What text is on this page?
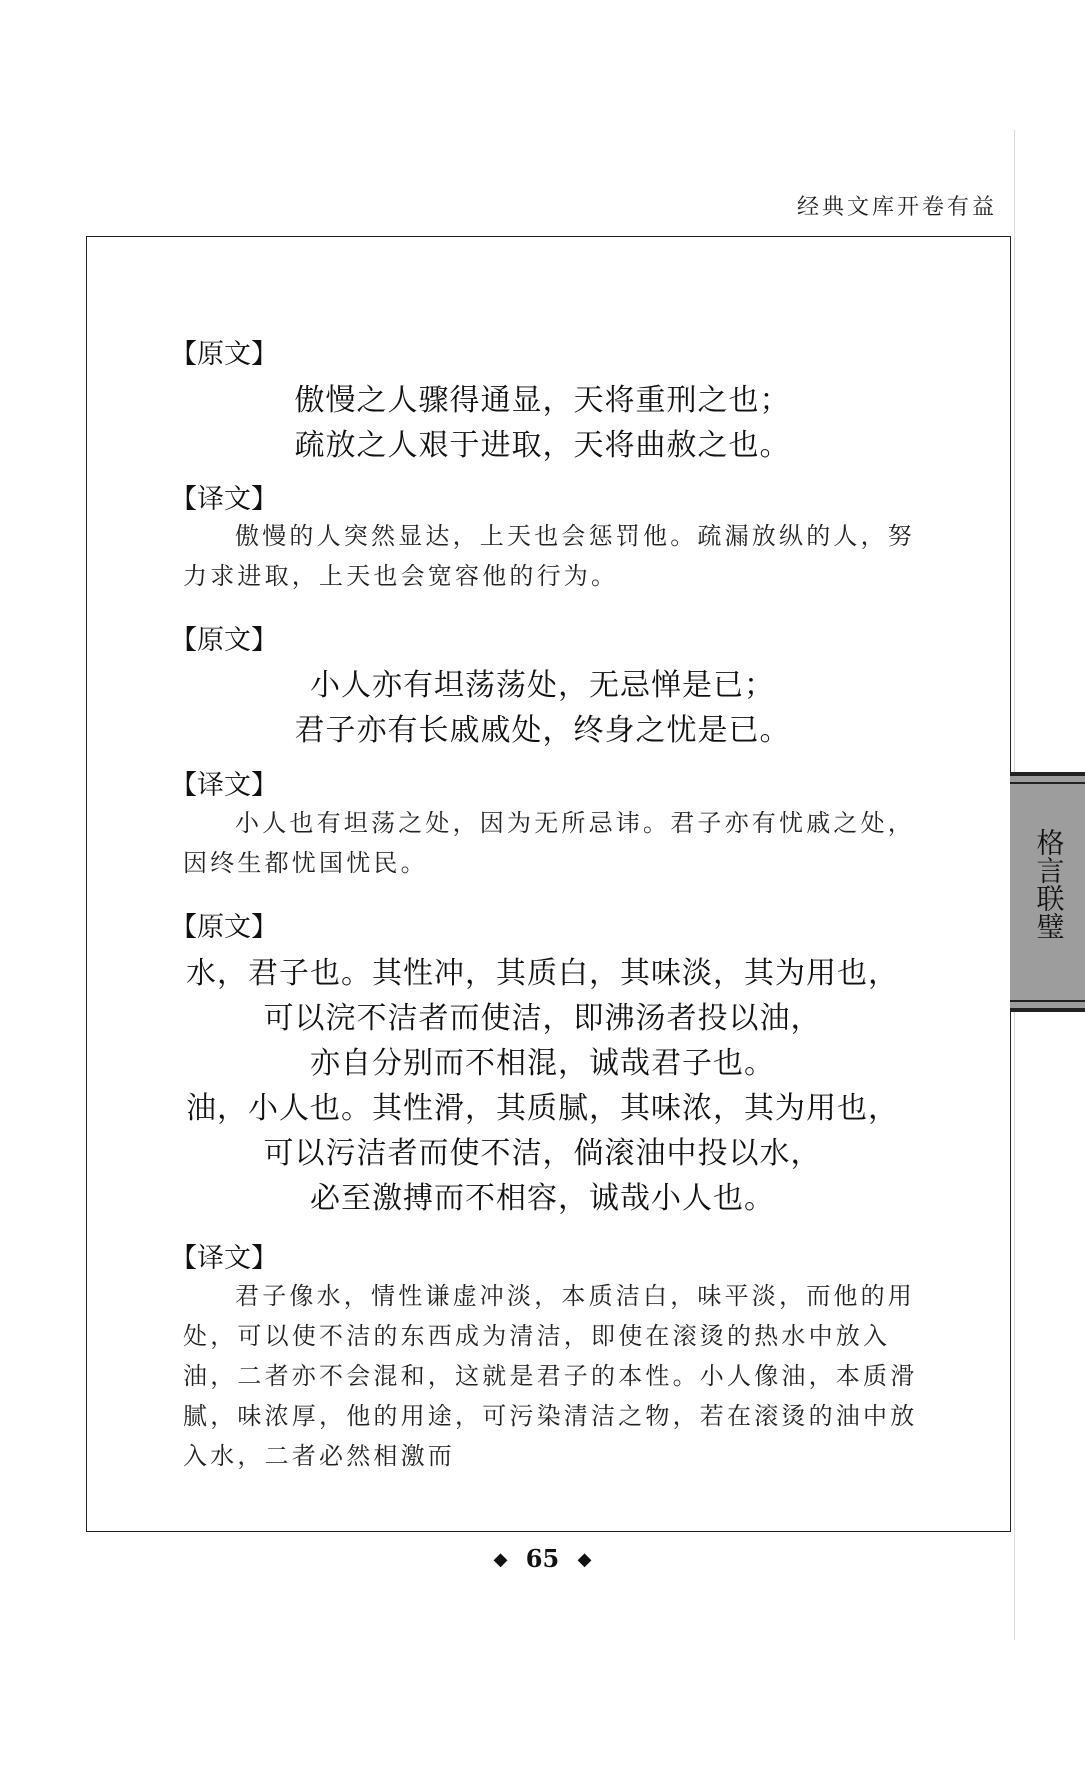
经典文库开卷有益
【原文】
傲慢之人骤得通显，天将重刑之也；
疏放之人艰于进取，天将曲赦之也。
【译文】
傲慢的人突然显达，上天也会惩罚他。疏漏放纵的人，努力求进取，上天也会宽容他的行为。
【原文】
小人亦有坦荡荡处，无忌惮是已；
君子亦有长戚戚处，终身之忧是已。
【译文】
小人也有坦荡之处，因为无所忌讳。君子亦有忧戚之处，因终生都忧国忧民。
【原文】
水，君子也。其性冲，其质白，其味淡，其为用也，
可以浣不洁者而使洁，即沸汤者投以油，
亦自分别而不相混，诚哉君子也。
油，小人也。其性滑，其质腻，其味浓，其为用也，
可以污洁者而使不洁，倘滚油中投以水，
必至激搏而不相容，诚哉小人也。
【译文】
君子像水，情性谦虚冲淡，本质洁白，味平淡，而他的用处，可以使不洁的东西成为清洁，即使在滚烫的热水中放入油，二者亦不会混和，这就是君子的本性。小人像油，本质滑腻，味浓厚，他的用途，可污染清洁之物，若在滚烫的油中放入水，二者必然相激而
格言联璧
◆ 65 ◆
